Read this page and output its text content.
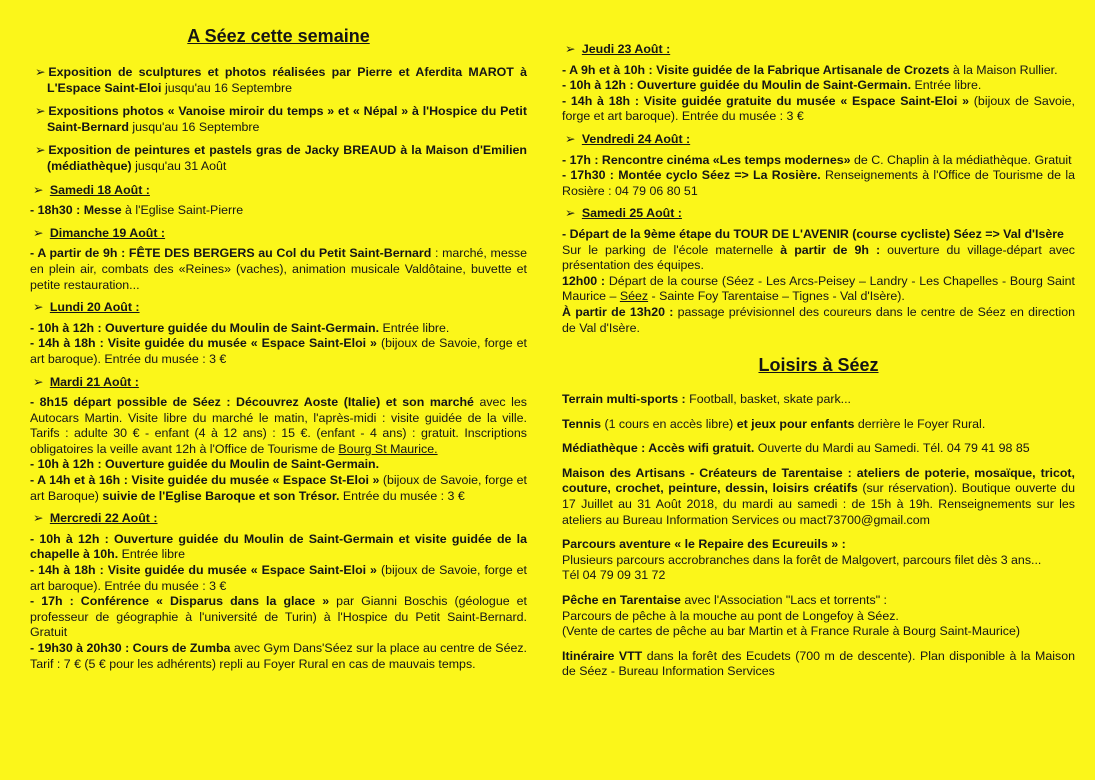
A Séez cette semaine
➢ Exposition de sculptures et photos réalisées par Pierre et Aferdita MAROT à L'Espace Saint-Eloi jusqu'au 16 Septembre
➢ Expositions photos « Vanoise miroir du temps » et « Népal » à l'Hospice du Petit Saint-Bernard jusqu'au 16 Septembre
➢ Exposition de peintures et pastels gras de Jacky BREAUD à la Maison d'Emilien (médiathèque) jusqu'au 31 Août
➢ Samedi 18 Août :
- 18h30 : Messe à l'Eglise Saint-Pierre
➢ Dimanche 19 Août :
- A partir de 9h : FÊTE DES BERGERS au Col du Petit Saint-Bernard : marché, messe en plein air, combats des «Reines» (vaches), animation musicale Valdôtaine, buvette et petite restauration...
➢ Lundi 20 Août :
- 10h à 12h : Ouverture guidée du Moulin de Saint-Germain. Entrée libre.
- 14h à 18h : Visite guidée du musée « Espace Saint-Eloi » (bijoux de Savoie, forge et art baroque). Entrée du musée : 3 €
➢ Mardi 21 Août :
- 8h15 départ possible de Séez : Découvrez Aoste (Italie) et son marché avec les Autocars Martin. Visite libre du marché le matin, l'après-midi : visite guidée de la ville. Tarifs : adulte 30 € - enfant (4 à 12 ans) : 15 €. (enfant - 4 ans) : gratuit. Inscriptions obligatoires la veille avant 12h à l'Office de Tourisme de Bourg St Maurice.
- 10h à 12h : Ouverture guidée du Moulin de Saint-Germain.
- A 14h et à 16h : Visite guidée du musée « Espace St-Eloi » (bijoux de Savoie, forge et art Baroque) suivie de l'Eglise Baroque et son Trésor. Entrée du musée : 3 €
➢ Mercredi 22 Août :
- 10h à 12h : Ouverture guidée du Moulin de Saint-Germain et visite guidée de la chapelle à 10h. Entrée libre
- 14h à 18h : Visite guidée du musée « Espace Saint-Eloi » (bijoux de Savoie, forge et art baroque). Entrée du musée : 3 €
- 17h : Conférence « Disparus dans la glace » par Gianni Boschis (géologue et professeur de géographie à l'université de Turin) à l'Hospice du Petit Saint-Bernard. Gratuit
- 19h30 à 20h30 : Cours de Zumba avec Gym Dans'Séez sur la place au centre de Séez. Tarif : 7 € (5 € pour les adhérents) repli au Foyer Rural en cas de mauvais temps.
➢ Jeudi 23 Août :
- A 9h et à 10h : Visite guidée de la Fabrique Artisanale de Crozets à la Maison Rullier.
- 10h à 12h : Ouverture guidée du Moulin de Saint-Germain. Entrée libre.
- 14h à 18h : Visite guidée gratuite du musée « Espace Saint-Eloi » (bijoux de Savoie, forge et art baroque). Entrée du musée : 3 €
➢ Vendredi 24 Août :
- 17h : Rencontre cinéma «Les temps modernes» de C. Chaplin à la médiathèque. Gratuit
- 17h30 : Montée cyclo Séez => La Rosière. Renseignements à l'Office de Tourisme de la Rosière : 04 79 06 80 51
➢ Samedi 25 Août :
- Départ de la 9ème étape du TOUR DE L'AVENIR (course cycliste) Séez => Val d'Isère
Sur le parking de l'école maternelle à partir de 9h : ouverture du village-départ avec présentation des équipes.
12h00 : Départ de la course (Séez - Les Arcs-Peisey – Landry - Les Chapelles - Bourg Saint Maurice – Séez - Sainte Foy Tarentaise – Tignes - Val d'Isère).
À partir de 13h20 : passage prévisionnel des coureurs dans le centre de Séez en direction de Val d'Isère.
Loisirs à Séez
Terrain multi-sports : Football, basket, skate park...
Tennis (1 cours en accès libre) et jeux pour enfants derrière le Foyer Rural.
Médiathèque : Accès wifi gratuit. Ouverte du Mardi au Samedi. Tél. 04 79 41 98 85
Maison des Artisans - Créateurs de Tarentaise : ateliers de poterie, mosaïque, tricot, couture, crochet, peinture, dessin, loisirs créatifs (sur réservation). Boutique ouverte du 17 Juillet au 31 Août 2018, du mardi au samedi : de 15h à 19h. Renseignements sur les ateliers au Bureau Information Services ou mact73700@gmail.com
Parcours aventure « le Repaire des Ecureuils » :
Plusieurs parcours accrobranches dans la forêt de Malgovert, parcours filet dès 3 ans...
Tél 04 79 09 31 72
Pêche en Tarentaise avec l'Association "Lacs et torrents" :
Parcours de pêche à la mouche au pont de Longefoy à Séez.
(Vente de cartes de pêche au bar Martin et à France Rurale à Bourg Saint-Maurice)
Itinéraire VTT dans la forêt des Ecudets (700 m de descente). Plan disponible à la Maison de Séez - Bureau Information Services
